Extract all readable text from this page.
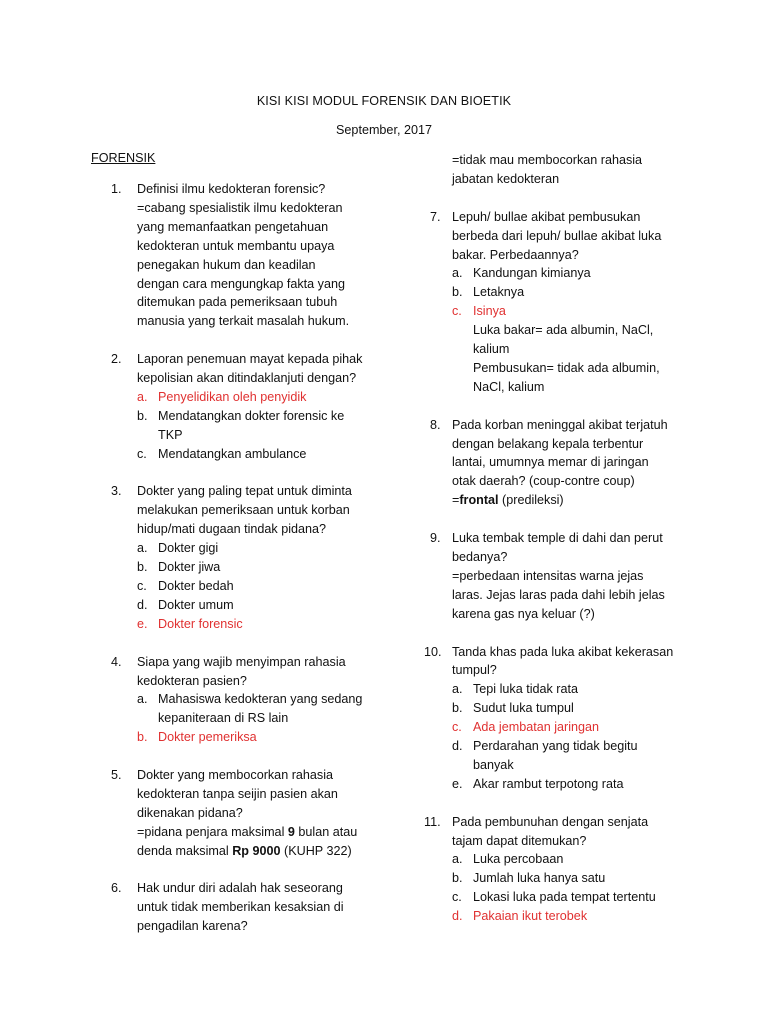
KISI KISI MODUL FORENSIK DAN BIOETIK
September, 2017
FORENSIK
1. Definisi ilmu kedokteran forensic?
=cabang spesialistik ilmu kedokteran
yang memanfaatkan pengetahuan
kedokteran untuk membantu upaya
penegakan hukum dan keadilan
dengan cara mengungkap fakta yang
ditemukan pada pemeriksaan tubuh
manusia yang terkait masalah hukum.
2. Laporan penemuan mayat kepada pihak
kepolisian akan ditindaklanjuti dengan?
a. Penyelidikan oleh penyidik
b. Mendatangkan dokter forensic ke
TKP
c. Mendatangkan ambulance
3. Dokter yang paling tepat untuk diminta
melakukan pemeriksaan untuk korban
hidup/mati dugaan tindak pidana?
a. Dokter gigi
b. Dokter jiwa
c. Dokter bedah
d. Dokter umum
e. Dokter forensic
4. Siapa yang wajib menyimpan rahasia
kedokteran pasien?
a. Mahasiswa kedokteran yang sedang
kepaniteraan di RS lain
b. Dokter pemeriksa
5. Dokter yang membocorkan rahasia
kedokteran tanpa seijin pasien akan
dikenakan pidana?
=pidana penjara maksimal 9 bulan atau
denda maksimal Rp 9000 (KUHP 322)
6. Hak undur diri adalah hak seseorang
untuk tidak memberikan kesaksian di
pengadilan karena?
=tidak mau membocorkan rahasia
jabatan kedokteran
7. Lepuh/ bullae akibat pembusukan
berbeda dari lepuh/ bullae akibat luka
bakar. Perbedaannya?
a. Kandungan kimianya
b. Letaknya
c. Isinya
Luka bakar= ada albumin, NaCl,
kalium
Pembusukan= tidak ada albumin,
NaCl, kalium
8. Pada korban meninggal akibat terjatuh
dengan belakang kepala terbentur
lantai, umumnya memar di jaringan
otak daerah? (coup-contre coup)
=frontal (predileksi)
9. Luka tembak temple di dahi dan perut
bedanya?
=perbedaan intensitas warna jejas
laras. Jejas laras pada dahi lebih jelas
karena gas nya keluar (?)
10. Tanda khas pada luka akibat kekerasan
tumpul?
a. Tepi luka tidak rata
b. Sudut luka tumpul
c. Ada jembatan jaringan
d. Perdarahan yang tidak begitu
banyak
e. Akar rambut terpotong rata
11. Pada pembunuhan dengan senjata
tajam dapat ditemukan?
a. Luka percobaan
b. Jumlah luka hanya satu
c. Lokasi luka pada tempat tertentu
d. Pakaian ikut terobek
